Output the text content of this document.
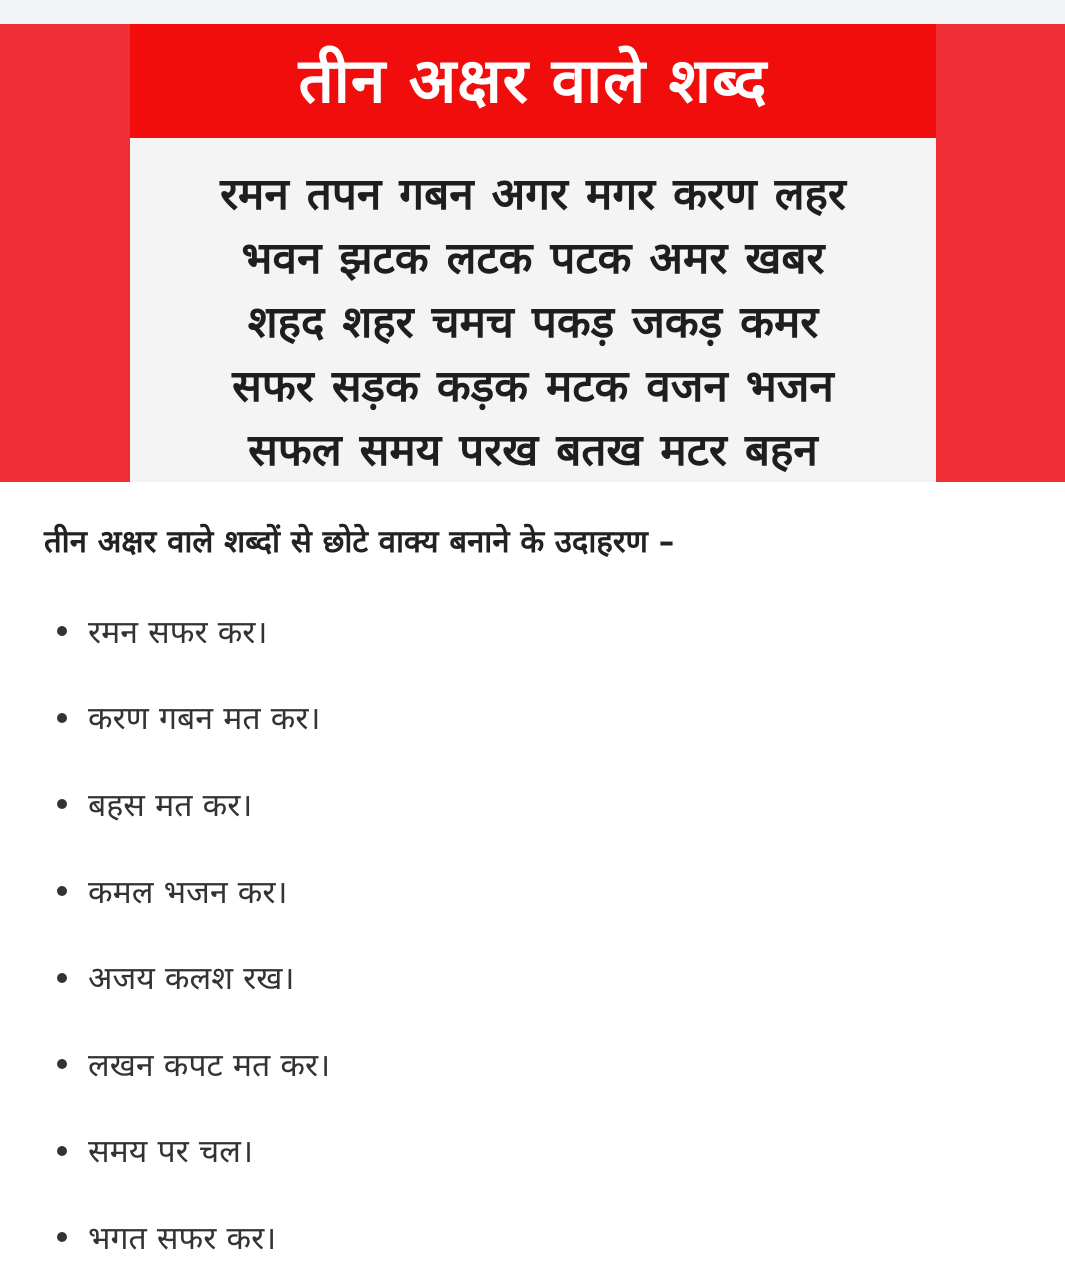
तीन अक्षर वाले शब्द
रमन तपन गबन अगर मगर करण लहर
भवन झटक लटक पटक अमर खबर
शहद शहर चमच पकड़ जकड़ कमर
सफर सड़क कड़क मटक वजन भजन
सफल समय परख बतख मटर बहन
तीन अक्षर वाले शब्दों से छोटे वाक्य बनाने के उदाहरण –
रमन सफर कर।
करण गबन मत कर।
बहस मत कर।
कमल भजन कर।
अजय कलश रख।
लखन कपट मत कर।
समय पर चल।
भगत सफर कर।
